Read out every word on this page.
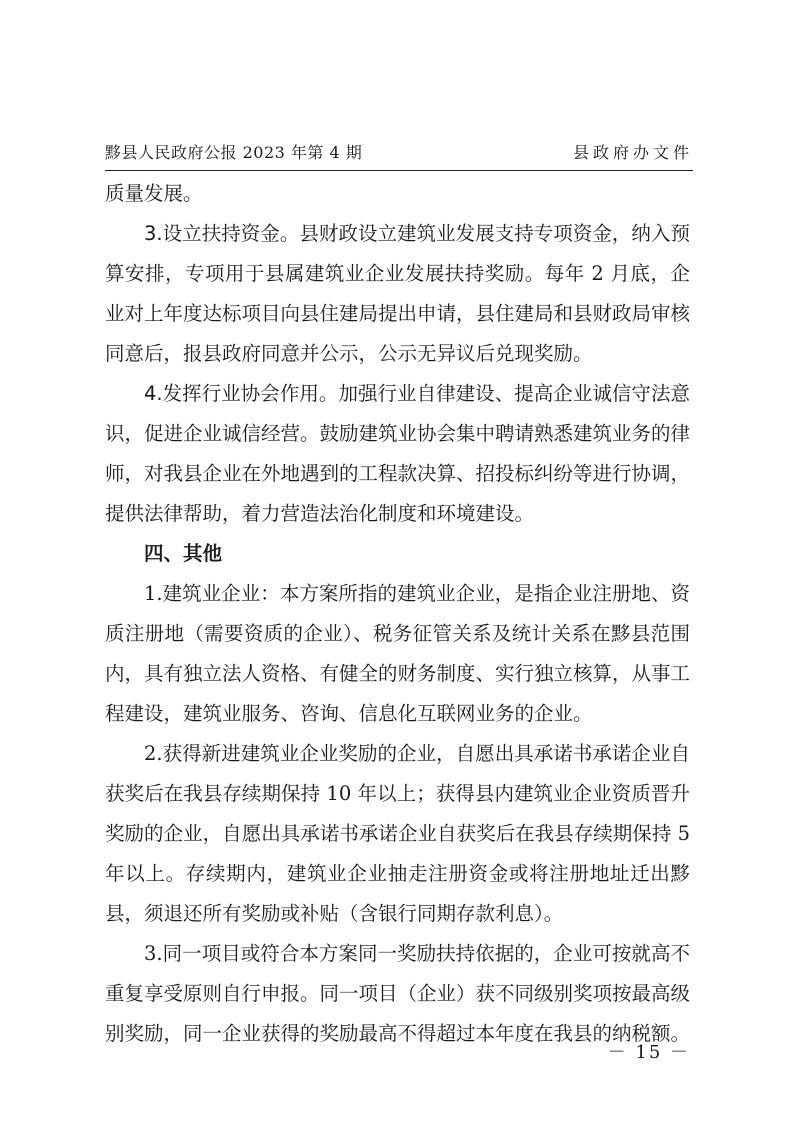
黟县人民政府公报 2023 年第 4 期	县政府办文件

质量发展。

3.设立扶持资金。县财政设立建筑业发展支持专项资金，纳入预算安排，专项用于县属建筑业企业发展扶持奖励。每年 2 月底，企业对上年度达标项目向县住建局提出申请，县住建局和县财政局审核同意后，报县政府同意并公示，公示无异议后兑现奖励。

4.发挥行业协会作用。加强行业自律建设、提高企业诚信守法意识，促进企业诚信经营。鼓励建筑业协会集中聘请熟悉建筑业务的律师，对我县企业在外地遇到的工程款决算、招投标纠纷等进行协调，提供法律帮助，着力营造法治化制度和环境建设。

四、其他

1.建筑业企业：本方案所指的建筑业企业，是指企业注册地、资质注册地（需要资质的企业）、税务征管关系及统计关系在黟县范围内，具有独立法人资格、有健全的财务制度、实行独立核算，从事工程建设，建筑业服务、咨询、信息化互联网业务的企业。

2.获得新进建筑业企业奖励的企业，自愿出具承诺书承诺企业自获奖后在我县存续期保持 10 年以上；获得县内建筑业企业资质晋升奖励的企业，自愿出具承诺书承诺企业自获奖后在我县存续期保持 5 年以上。存续期内，建筑业企业抽走注册资金或将注册地址迁出黟县，须退还所有奖励或补贴（含银行同期存款利息）。

3.同一项目或符合本方案同一奖励扶持依据的，企业可按就高不重复享受原则自行申报。同一项目（企业）获不同级别奖项按最高级别奖励，同一企业获得的奖励最高不得超过本年度在我县的纳税额。

－ 15 －
